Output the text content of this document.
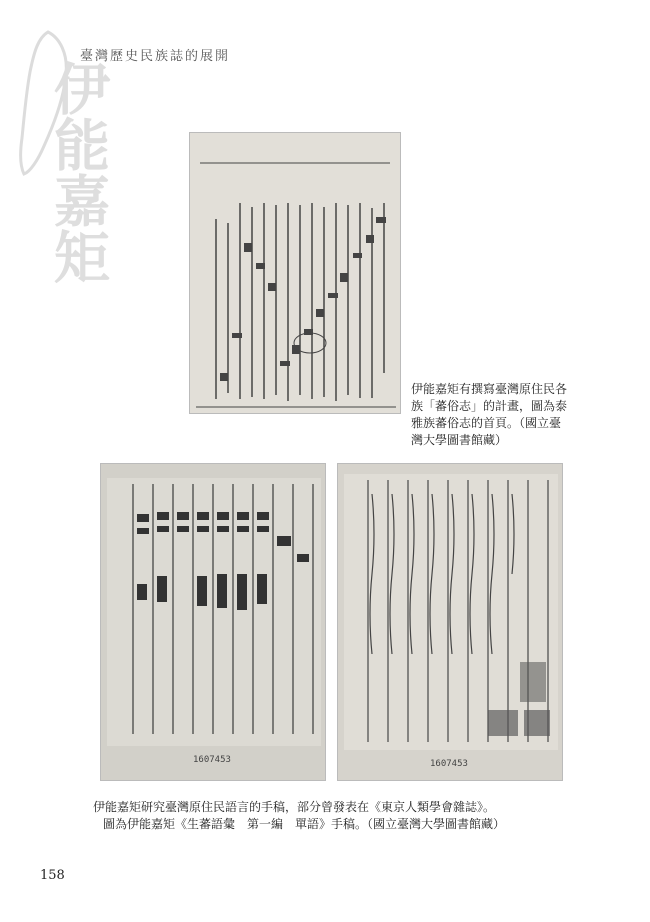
伊能嘉矩
臺灣歷史民族誌的展開
伊能嘉矩有撰寫臺灣原住民各族「蕃俗志」的計畫，圖為泰雅族蕃俗志的首頁。（國立臺灣大學圖書館藏）
1607453	1607453
伊能嘉矩研究臺灣原住民語言的手稿，部分曾發表在《東京人類學會雜誌》。
圖為伊能嘉矩《生蕃語彙　第一編　單語》手稿。（國立臺灣大學圖書館藏）
158
